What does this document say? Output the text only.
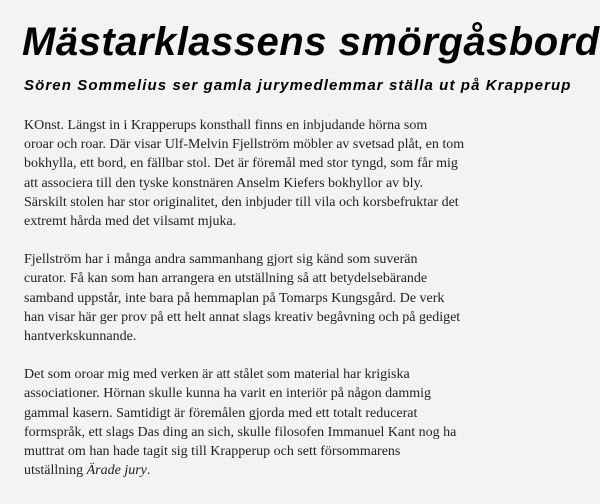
Mästarklassens smörgåsbord
Sören Sommelius ser gamla jurymedlemmar ställa ut på Krapperup

KOnst. Längst in i Krapperups konsthall finns en inbjudande hörna som
oroar och roar. Där visar Ulf-Melvin Fjellström möbler av svetsad plåt, en tom
bokhylla, ett bord, en fällbar stol. Det är föremål med stor tyngd, som får mig
att associera till den tyske konstnären Anselm Kiefers bokhyllor av bly.
Särskilt stolen har stor originalitet, den inbjuder till vila och korsbefruktar det
extremt hårda med det vilsamt mjuka.

Fjellström har i många andra sammanhang gjort sig känd som suverän
curator. Få kan som han arrangera en utställning så att betydelsebärande
samband uppstår, inte bara på hemmaplan på Tomarps Kungsgård. De verk
han visar här ger prov på ett helt annat slags kreativ begåvning och på gediget
hantverkskunnande.

Det som oroar mig med verken är att stålet som material har krigiska
associationer. Hörnan skulle kunna ha varit en interiör på någon dammig
gammal kasern. Samtidigt är föremålen gjorda med ett totalt reducerat
formspråk, ett slags Das ding an sich, skulle filosofen Immanuel Kant nog ha
muttrat om han hade tagit sig till Krapperup och sett försommarens
utställning Ärade jury.
